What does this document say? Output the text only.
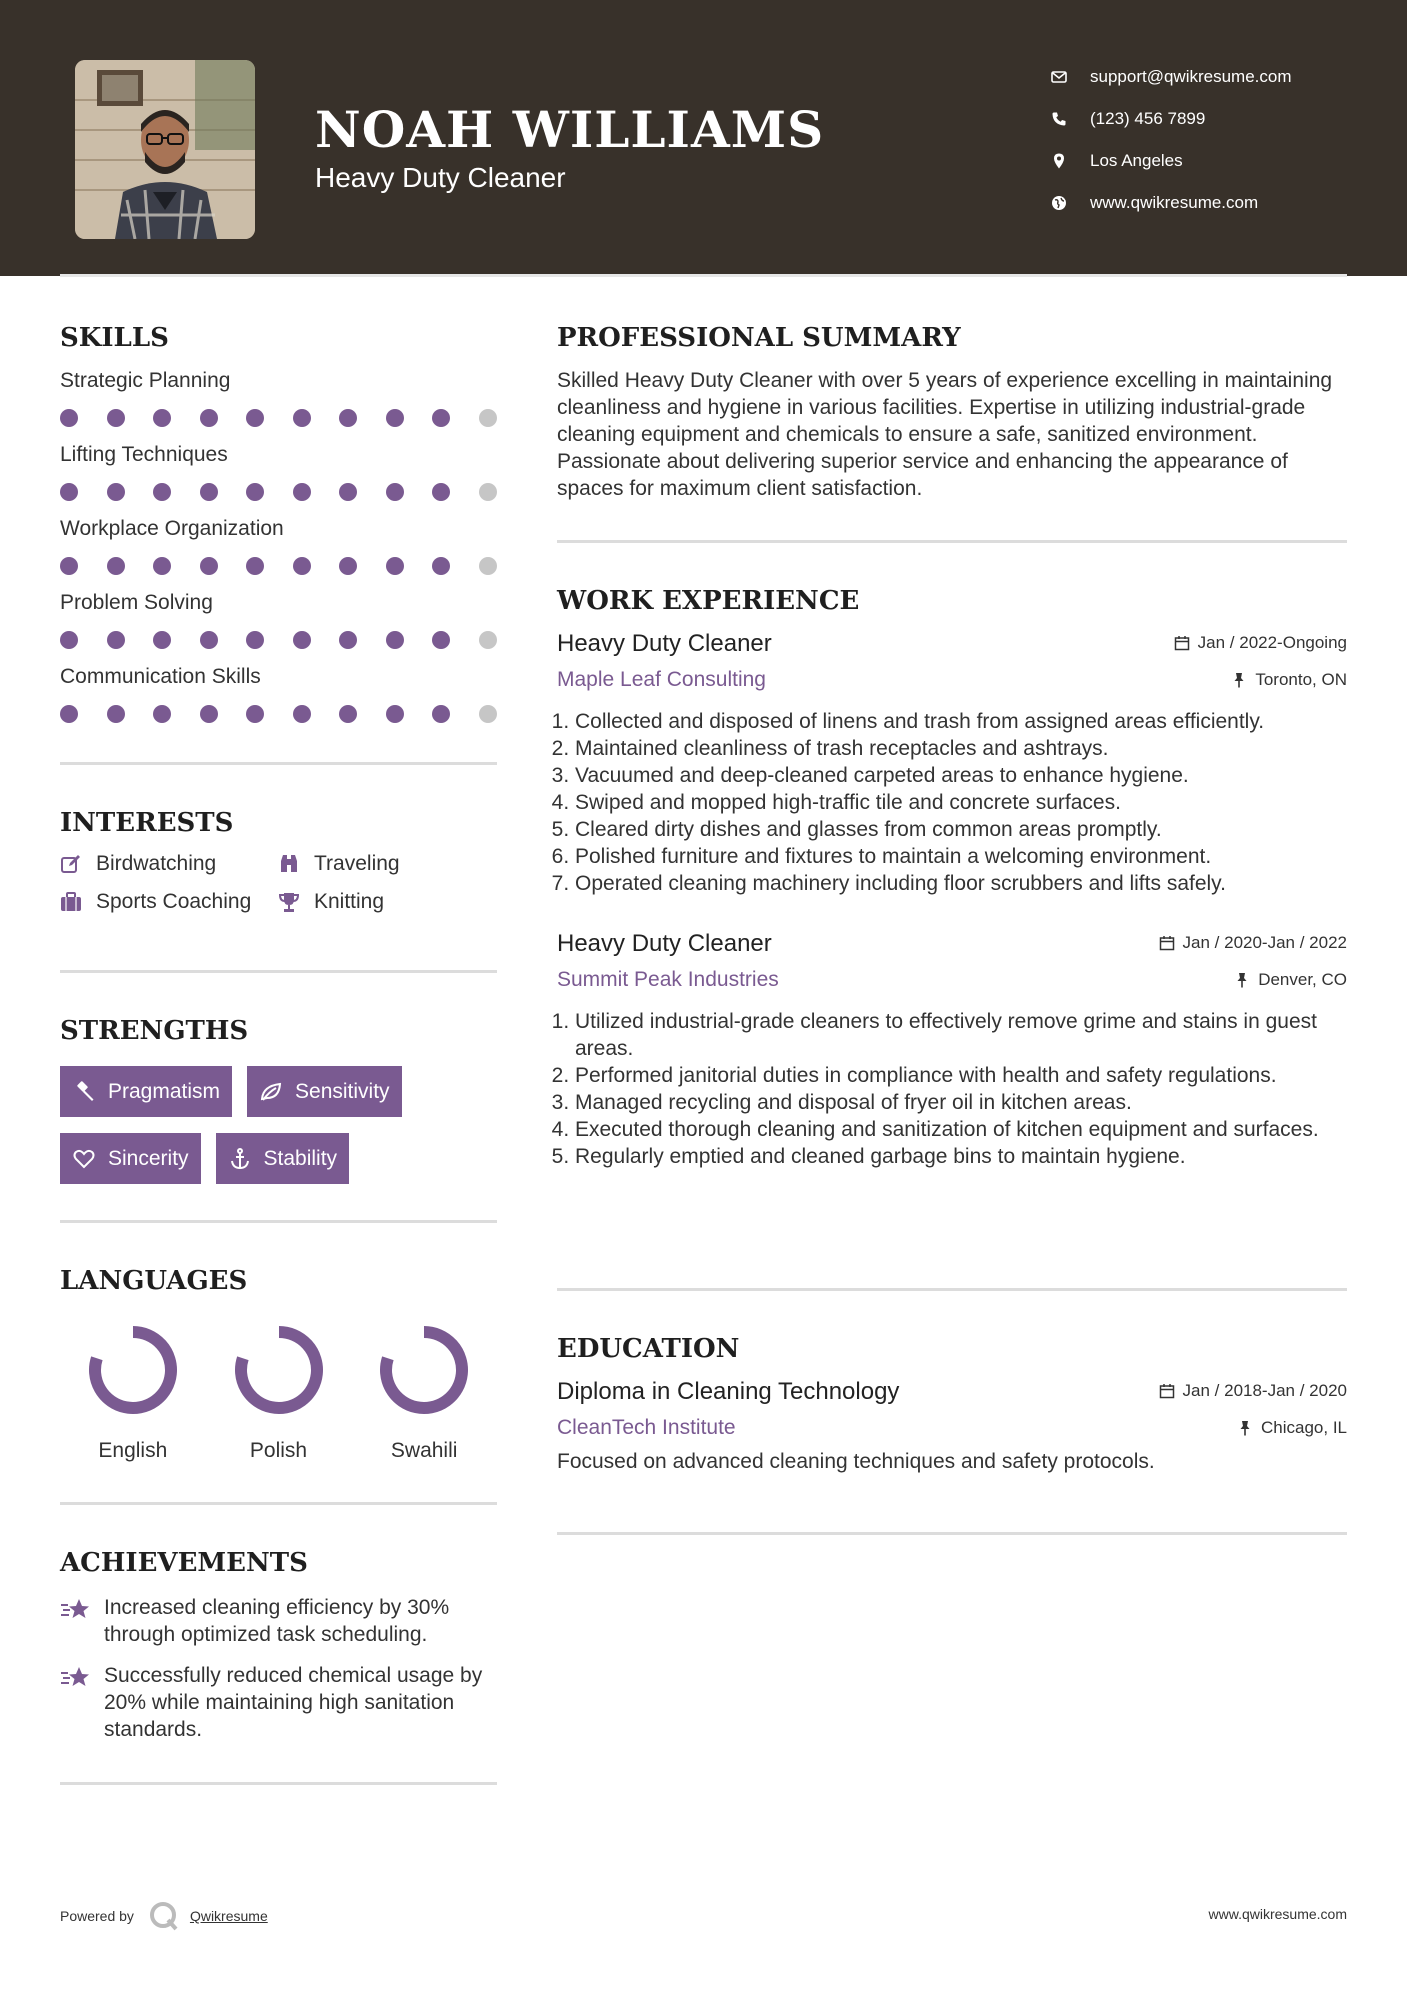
NOAH WILLIAMS
Heavy Duty Cleaner
support@qwikresume.com
(123) 456 7899
Los Angeles
www.qwikresume.com
SKILLS
Strategic Planning
Lifting Techniques
Workplace Organization
Problem Solving
Communication Skills
INTERESTS
Birdwatching	Traveling
Sports Coaching	Knitting
STRENGTHS
Pragmatism	Sensitivity
Sincerity	Stability
LANGUAGES
English	Polish	Swahili
ACHIEVEMENTS
Increased cleaning efficiency by 30% through optimized task scheduling.
Successfully reduced chemical usage by 20% while maintaining high sanitation standards.
PROFESSIONAL SUMMARY
Skilled Heavy Duty Cleaner with over 5 years of experience excelling in maintaining cleanliness and hygiene in various facilities. Expertise in utilizing industrial-grade cleaning equipment and chemicals to ensure a safe, sanitized environment. Passionate about delivering superior service and enhancing the appearance of spaces for maximum client satisfaction.
WORK EXPERIENCE
Heavy Duty Cleaner	Jan / 2022-Ongoing
Maple Leaf Consulting	Toronto, ON
1. Collected and disposed of linens and trash from assigned areas efficiently.
2. Maintained cleanliness of trash receptacles and ashtrays.
3. Vacuumed and deep-cleaned carpeted areas to enhance hygiene.
4. Swiped and mopped high-traffic tile and concrete surfaces.
5. Cleared dirty dishes and glasses from common areas promptly.
6. Polished furniture and fixtures to maintain a welcoming environment.
7. Operated cleaning machinery including floor scrubbers and lifts safely.
Heavy Duty Cleaner	Jan / 2020-Jan / 2022
Summit Peak Industries	Denver, CO
1. Utilized industrial-grade cleaners to effectively remove grime and stains in guest areas.
2. Performed janitorial duties in compliance with health and safety regulations.
3. Managed recycling and disposal of fryer oil in kitchen areas.
4. Executed thorough cleaning and sanitization of kitchen equipment and surfaces.
5. Regularly emptied and cleaned garbage bins to maintain hygiene.
EDUCATION
Diploma in Cleaning Technology	Jan / 2018-Jan / 2020
CleanTech Institute	Chicago, IL
Focused on advanced cleaning techniques and safety protocols.
Powered by	Qwikresume	www.qwikresume.com
